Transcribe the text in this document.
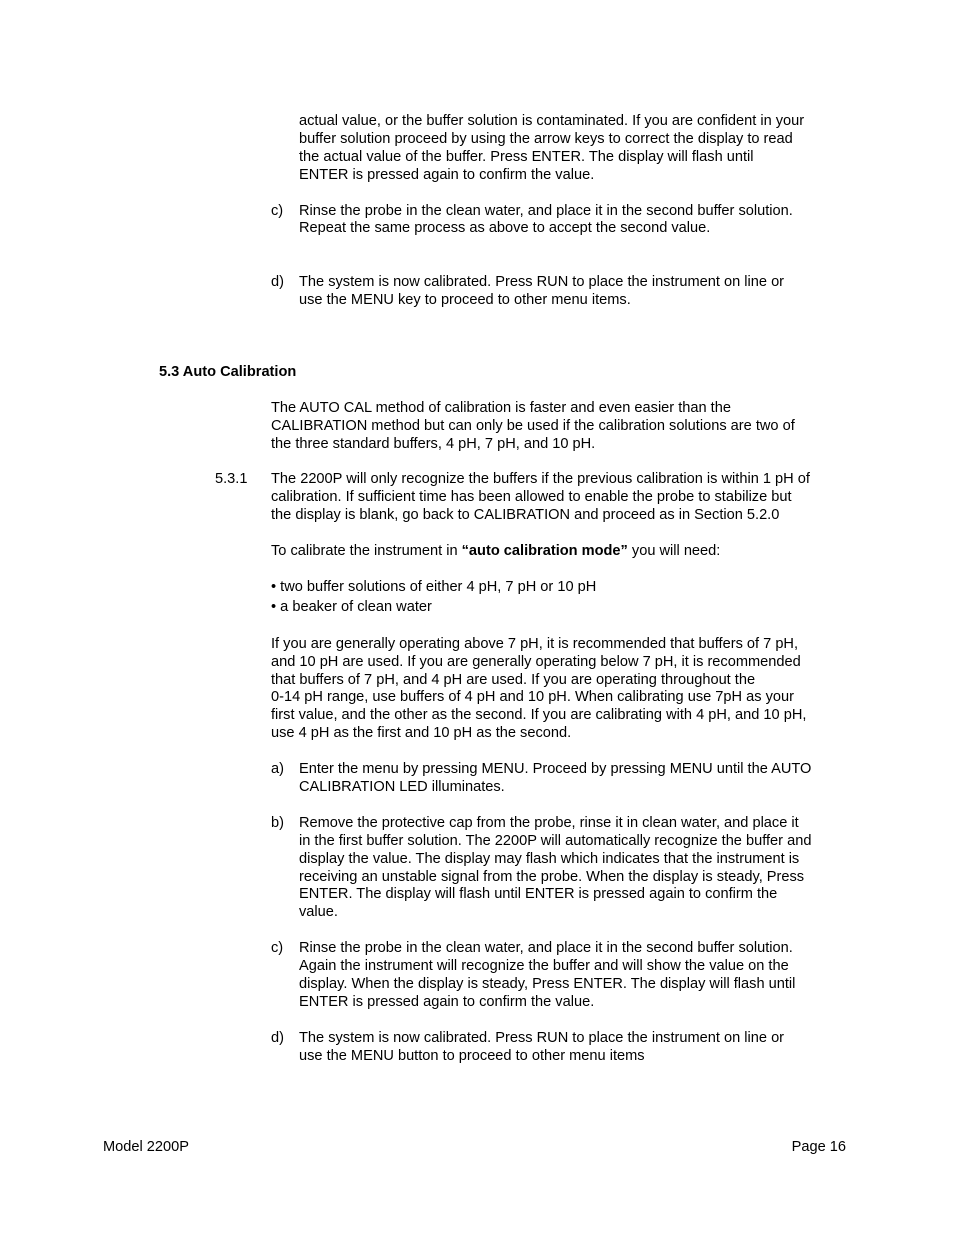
actual value, or the buffer solution is contaminated. If you are confident in your
buffer solution proceed by using the arrow keys to correct the display to read
the actual value of the buffer. Press ENTER. The display will flash until
ENTER is pressed again to confirm the value.
c) Rinse the probe in the clean water, and place it in the second buffer solution.
Repeat the same process as above to accept the second value.
d) The system is now calibrated. Press RUN to place the instrument on line or
use the MENU key to proceed to other menu items.
5.3 Auto Calibration
The AUTO CAL method of calibration is faster and even easier than the
CALIBRATION method but can only be used if the calibration solutions are two of
the three standard buffers, 4 pH, 7 pH, and 10 pH.
5.3.1 The 2200P will only recognize the buffers if the previous calibration is within 1 pH of
calibration. If sufficient time has been allowed to enable the probe to stabilize but
the display is blank, go back to CALIBRATION and proceed as in Section 5.2.0
To calibrate the instrument in “auto calibration mode” you will need:
• two buffer solutions of either 4 pH, 7 pH or 10 pH
• a beaker of clean water
If you are generally operating above 7 pH, it is recommended that buffers of 7 pH,
and 10 pH are used. If you are generally operating below 7 pH, it is recommended
that buffers of 7 pH, and 4 pH are used. If you are operating throughout the
0-14 pH range, use buffers of 4 pH and 10 pH. When calibrating use 7pH as your
first value, and the other as the second. If you are calibrating with 4 pH, and 10 pH,
use 4 pH as the first and 10 pH as the second.
a) Enter the menu by pressing MENU. Proceed by pressing MENU until the AUTO
CALIBRATION LED illuminates.
b) Remove the protective cap from the probe, rinse it in clean water, and place it
in the first buffer solution. The 2200P will automatically recognize the buffer and
display the value. The display may flash which indicates that the instrument is
receiving an unstable signal from the probe. When the display is steady, Press
ENTER. The display will flash until ENTER is pressed again to confirm the
value.
c) Rinse the probe in the clean water, and place it in the second buffer solution.
Again the instrument will recognize the buffer and will show the value on the
display. When the display is steady, Press ENTER. The display will flash until
ENTER is pressed again to confirm the value.
d) The system is now calibrated. Press RUN to place the instrument on line or
use the MENU button to proceed to other menu items
Model 2200P	Page 16
